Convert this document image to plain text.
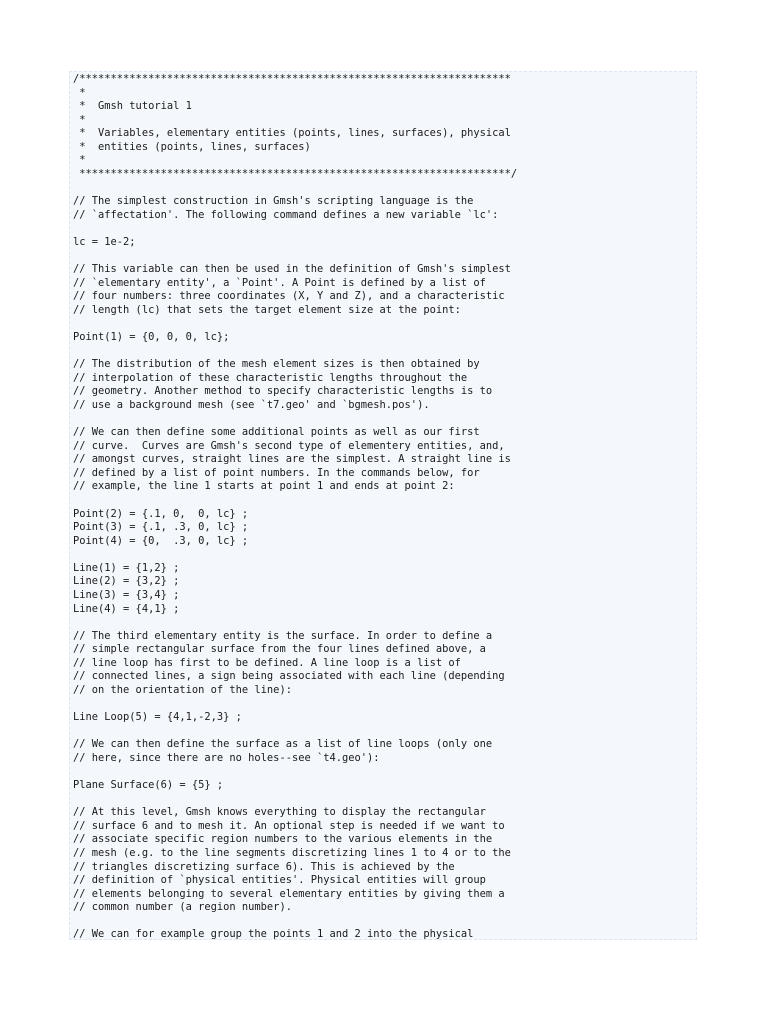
/*********************************************************************
*
*  Gmsh tutorial 1
*
*  Variables, elementary entities (points, lines, surfaces), physical
*  entities (points, lines, surfaces)
*
*********************************************************************/
// The simplest construction in Gmsh's scripting language is the
// `affectation'. The following command defines a new variable `lc':
lc = 1e-2;
// This variable can then be used in the definition of Gmsh's simplest
// `elementary entity', a `Point'. A Point is defined by a list of
// four numbers: three coordinates (X, Y and Z), and a characteristic
// length (lc) that sets the target element size at the point:
Point(1) = {0, 0, 0, lc};
// The distribution of the mesh element sizes is then obtained by
// interpolation of these characteristic lengths throughout the
// geometry. Another method to specify characteristic lengths is to
// use a background mesh (see `t7.geo' and `bgmesh.pos').
// We can then define some additional points as well as our first
// curve.  Curves are Gmsh's second type of elementery entities, and,
// amongst curves, straight lines are the simplest. A straight line is
// defined by a list of point numbers. In the commands below, for
// example, the line 1 starts at point 1 and ends at point 2:
Point(2) = {.1, 0,  0, lc} ;
Point(3) = {.1, .3, 0, lc} ;
Point(4) = {0,  .3, 0, lc} ;
Line(1) = {1,2} ;
Line(2) = {3,2} ;
Line(3) = {3,4} ;
Line(4) = {4,1} ;
// The third elementary entity is the surface. In order to define a
// simple rectangular surface from the four lines defined above, a
// line loop has first to be defined. A line loop is a list of
// connected lines, a sign being associated with each line (depending
// on the orientation of the line):
Line Loop(5) = {4,1,-2,3} ;
// We can then define the surface as a list of line loops (only one
// here, since there are no holes--see `t4.geo'):
Plane Surface(6) = {5} ;
// At this level, Gmsh knows everything to display the rectangular
// surface 6 and to mesh it. An optional step is needed if we want to
// associate specific region numbers to the various elements in the
// mesh (e.g. to the line segments discretizing lines 1 to 4 or to the
// triangles discretizing surface 6). This is achieved by the
// definition of `physical entities'. Physical entities will group
// elements belonging to several elementary entities by giving them a
// common number (a region number).
// We can for example group the points 1 and 2 into the physical
